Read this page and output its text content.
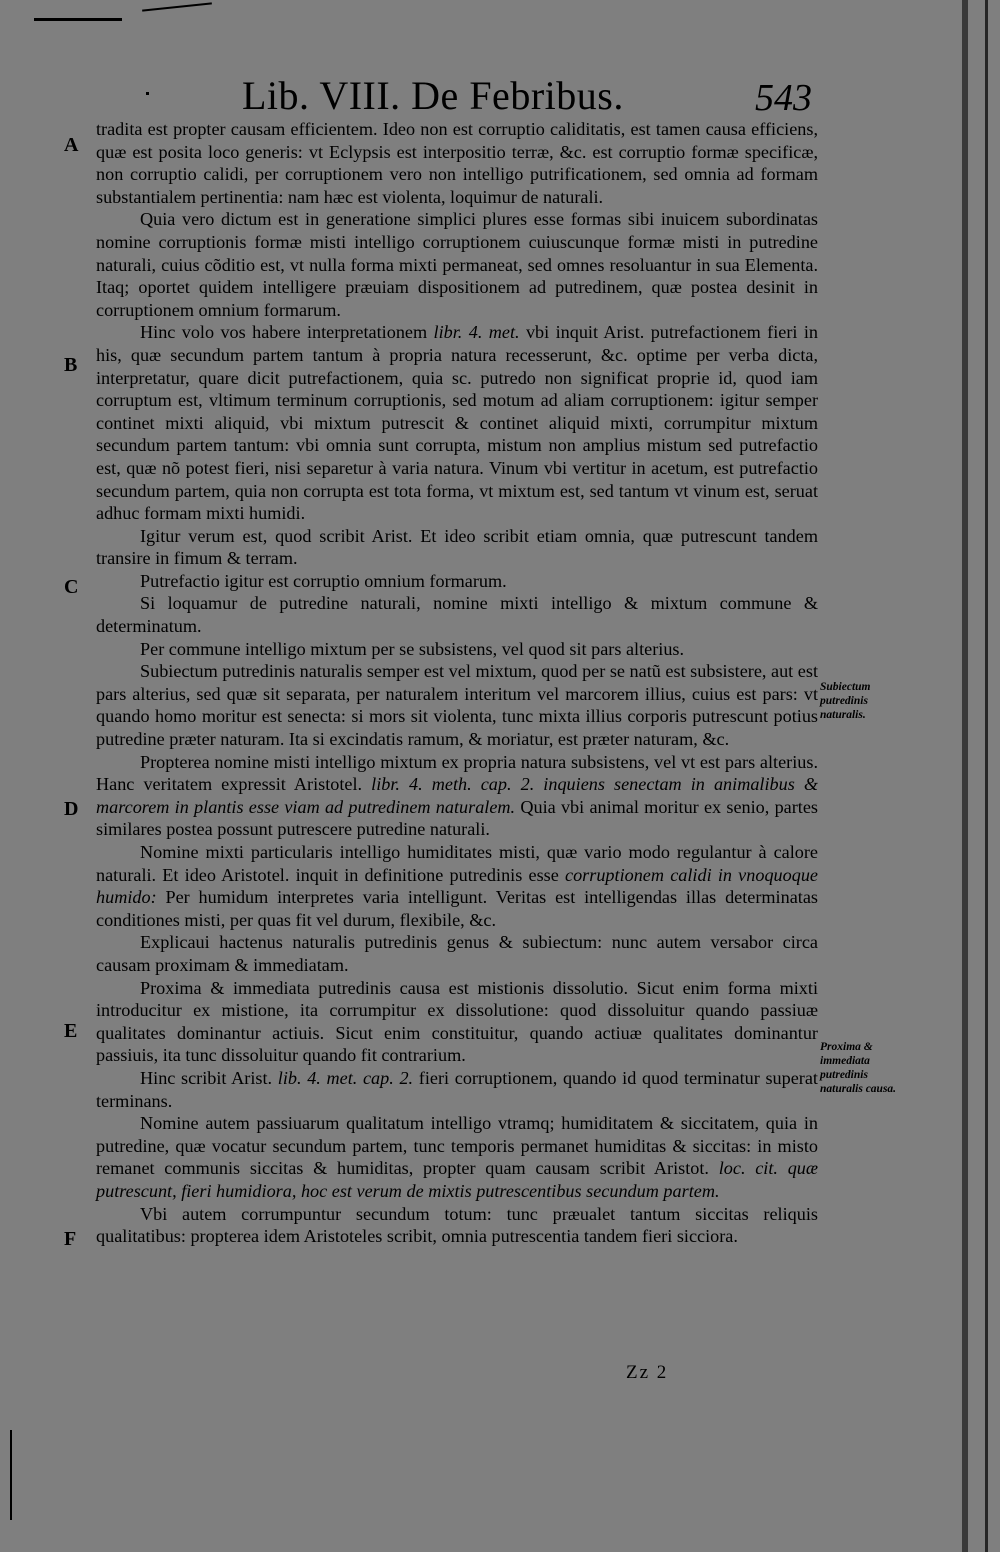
Lib. VIII. De Febribus.	543
A
B
C
D
E
F
Subiectum putredinis naturalis.
Proxima & immediata putredinis naturalis causa.

tradita est propter causam efficientem. Ideo non est corruptio caliditatis, est tamen causa efficiens, quæ est posita loco generis: vt Eclypsis est interpositio terræ, &c. est corruptio formæ specificæ, non corruptio calidi, per corruptionem vero non intelligo putrificationem, sed omnia ad formam substantialem pertinentia: nam hæc est violenta, loquimur de naturali.

Quia vero dictum est in generatione simplici plures esse formas sibi inuicem subordinatas nomine corruptionis formæ misti intelligo corruptionem cuiuscunque formæ misti in putredine naturali, cuius cõditio est, vt nulla forma mixti permaneat, sed omnes resoluantur in sua Elementa. Itaq; oportet quidem intelligere præuiam dispositionem ad putredinem, quæ postea desinit in corruptionem omnium formarum.

Hinc volo vos habere interpretationem libr. 4. met. vbi inquit Arist. putrefactionem fieri in his, quæ secundum partem tantum à propria natura recesserunt, &c. optime per verba dicta, interpretatur, quare dicit putrefactionem, quia sc. putredo non significat proprie id, quod iam corruptum est, vltimum terminum corruptionis, sed motum ad aliam corruptionem: igitur semper continet mixti aliquid, vbi mixtum putrescit & continet aliquid mixti, corrumpitur mixtum secundum partem tantum: vbi omnia sunt corrupta, mistum non amplius mistum sed putrefactio est, quæ nõ potest fieri, nisi separetur à varia natura. Vinum vbi vertitur in acetum, est putrefactio secundum partem, quia non corrupta est tota forma, vt mixtum est, sed tantum vt vinum est, seruat adhuc formam mixti humidi.

Igitur verum est, quod scribit Arist. Et ideo scribit etiam omnia, quæ putrescunt tandem transire in fimum & terram.

Putrefactio igitur est corruptio omnium formarum.

Si loquamur de putredine naturali, nomine mixti intelligo & mixtum commune & determinatum.

Per commune intelligo mixtum per se subsistens, vel quod sit pars alterius.

Subiectum putredinis naturalis semper est vel mixtum, quod per se natũ est subsistere, aut est pars alterius, sed quæ sit separata, per naturalem interitum vel marcorem illius, cuius est pars: vt quando homo moritur est senecta: si mors sit violenta, tunc mixta illius corporis putrescunt potius putredine præter naturam. Ita si excindatis ramum, & moriatur, est præter naturam, &c.

Propterea nomine misti intelligo mixtum ex propria natura subsistens, vel vt est pars alterius. Hanc veritatem expressit Aristotel. libr. 4. meth. cap. 2. inquiens senectam in animalibus & marcorem in plantis esse viam ad putredinem naturalem. Quia vbi animal moritur ex senio, partes similares postea possunt putrescere putredine naturali.

Nomine mixti particularis intelligo humiditates misti, quæ vario modo regulantur à calore naturali. Et ideo Aristotel. inquit in definitione putredinis esse corruptionem calidi in vnoquoque humido: Per humidum interpretes varia intelligunt. Veritas est intelligendas illas determinatas conditiones misti, per quas fit vel durum, flexibile, &c.

Explicaui hactenus naturalis putredinis genus & subiectum: nunc autem versabor circa causam proximam & immediatam.

Proxima & immediata putredinis causa est mistionis dissolutio. Sicut enim forma mixti introducitur ex mistione, ita corrumpitur ex dissolutione: quod dissoluitur quando passiuæ qualitates dominantur actiuis. Sicut enim constituitur, quando actiuæ qualitates dominantur passiuis, ita tunc dissoluitur quando fit contrarium.

Hinc scribit Arist. lib. 4. met. cap. 2. fieri corruptionem, quando id quod terminatur superat terminans.

Nomine autem passiuarum qualitatum intelligo vtramq; humiditatem & siccitatem, quia in putredine, quæ vocatur secundum partem, tunc temporis permanet humiditas & siccitas: in misto remanet communis siccitas & humiditas, propter quam causam scribit Aristot. loc. cit. quæ putrescunt, fieri humidiora, hoc est verum de mixtis putrescentibus secundum partem.

Vbi autem corrumpuntur secundum totum: tunc præualet tantum siccitas reliquis qualitatibus: propterea idem Aristoteles scribit, omnia putrescentia tandem fieri sicciora.

Zz 2
